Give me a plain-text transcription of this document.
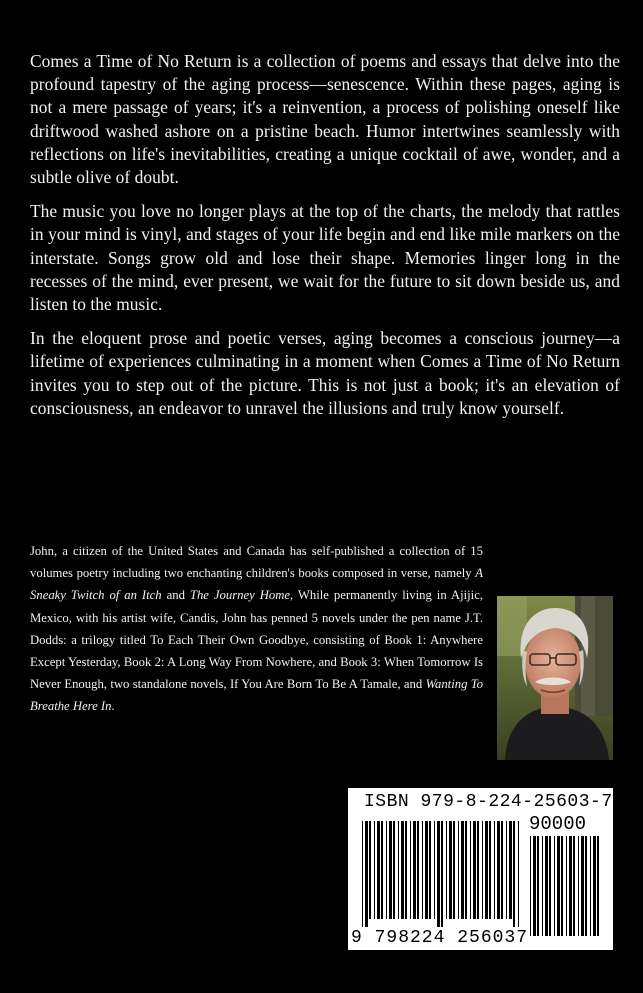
Comes a Time of No Return is a collection of poems and essays that delve into the profound tapestry of the aging process—senescence. Within these pages, aging is not a mere passage of years; it's a reinvention, a process of polishing oneself like driftwood washed ashore on a pristine beach. Humor intertwines seamlessly with reflections on life's inevitabilities, creating a unique cocktail of awe, wonder, and a subtle olive of doubt.

The music you love no longer plays at the top of the charts, the melody that rattles in your mind is vinyl, and stages of your life begin and end like mile markers on the interstate. Songs grow old and lose their shape. Memories linger long in the recesses of the mind, ever present, we wait for the future to sit down beside us, and listen to the music.

In the eloquent prose and poetic verses, aging becomes a conscious journey—a lifetime of experiences culminating in a moment when Comes a Time of No Return invites you to step out of the picture. This is not just a book; it's an elevation of consciousness, an endeavor to unravel the illusions and truly know yourself.

John, a citizen of the United States and Canada has self-published a collection of 15 volumes poetry including two enchanting children's books composed in verse, namely A Sneaky Twitch of an Itch and The Journey Home, While permanently living in Ajijic, Mexico, with his artist wife, Candis, John has penned 5 novels under the pen name J.T. Dodds: a trilogy titled To Each Their Own Goodbye, consisting of Book 1: Anywhere Except Yesterday, Book 2: A Long Way From Nowhere, and Book 3: When Tomorrow Is Never Enough, two standalone novels, If You Are Born To Be A Tamale, and Wanting To Breathe Here In.
ISBN 979-8-224-25603-7
90000
9 798224 256037
